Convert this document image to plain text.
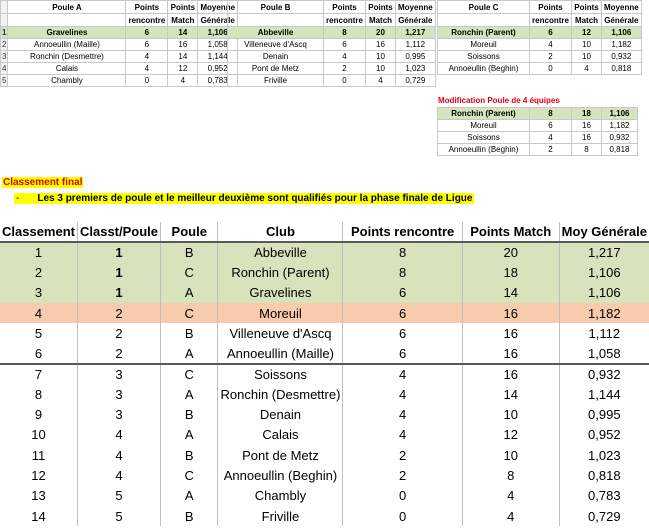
	Poule A	Points	Points	Moyenne
		rencontre	Match	Générale
1	Gravelines	6	14	1,106
2	Annoeullin (Maille)	6	16	1,058
3	Ronchin (Desmettre)	4	14	1,144
4	Calais	4	12	0,952
5	Chambly	0	4	0,783
Poule B	Points	Points	Moyenne
	rencontre	Match	Générale
Abbeville	8	20	1,217
Villeneuve d'Ascq	6	16	1,112
Denain	4	10	0,995
Pont de Metz	2	10	1,023
Friville	0	4	0,729
Poule C	Points	Points	Moyenne
	rencontre	Match	Générale
Ronchin (Parent)	6	12	1,106
Moreuil	4	10	1,182
Soissons	2	10	0,932
Annoeullin (Beghin)	0	4	0,818
Modification Poule de 4 équipes
Ronchin (Parent)	8	18	1,106
Moreuil	6	16	1,182
Soissons	4	16	0,932
Annoeullin (Beghin)	2	8	0,818
Classement final
- Les 3 premiers de poule et le meilleur deuxième sont qualifiés pour la phase finale de Ligue
Classement	Classt/Poule	Poule	Club	Points rencontre	Points Match	Moy Générale
1	1	B	Abbeville	8	20	1,217
2	1	C	Ronchin (Parent)	8	18	1,106
3	1	A	Gravelines	6	14	1,106
4	2	C	Moreuil	6	16	1,182
5	2	B	Villeneuve d'Ascq	6	16	1,112
6	2	A	Annoeullin (Maille)	6	16	1,058
7	3	C	Soissons	4	16	0,932
8	3	A	Ronchin (Desmettre)	4	14	1,144
9	3	B	Denain	4	10	0,995
10	4	A	Calais	4	12	0,952
11	4	B	Pont de Metz	2	10	1,023
12	4	C	Annoeullin (Beghin)	2	8	0,818
13	5	A	Chambly	0	4	0,783
14	5	B	Friville	0	4	0,729
